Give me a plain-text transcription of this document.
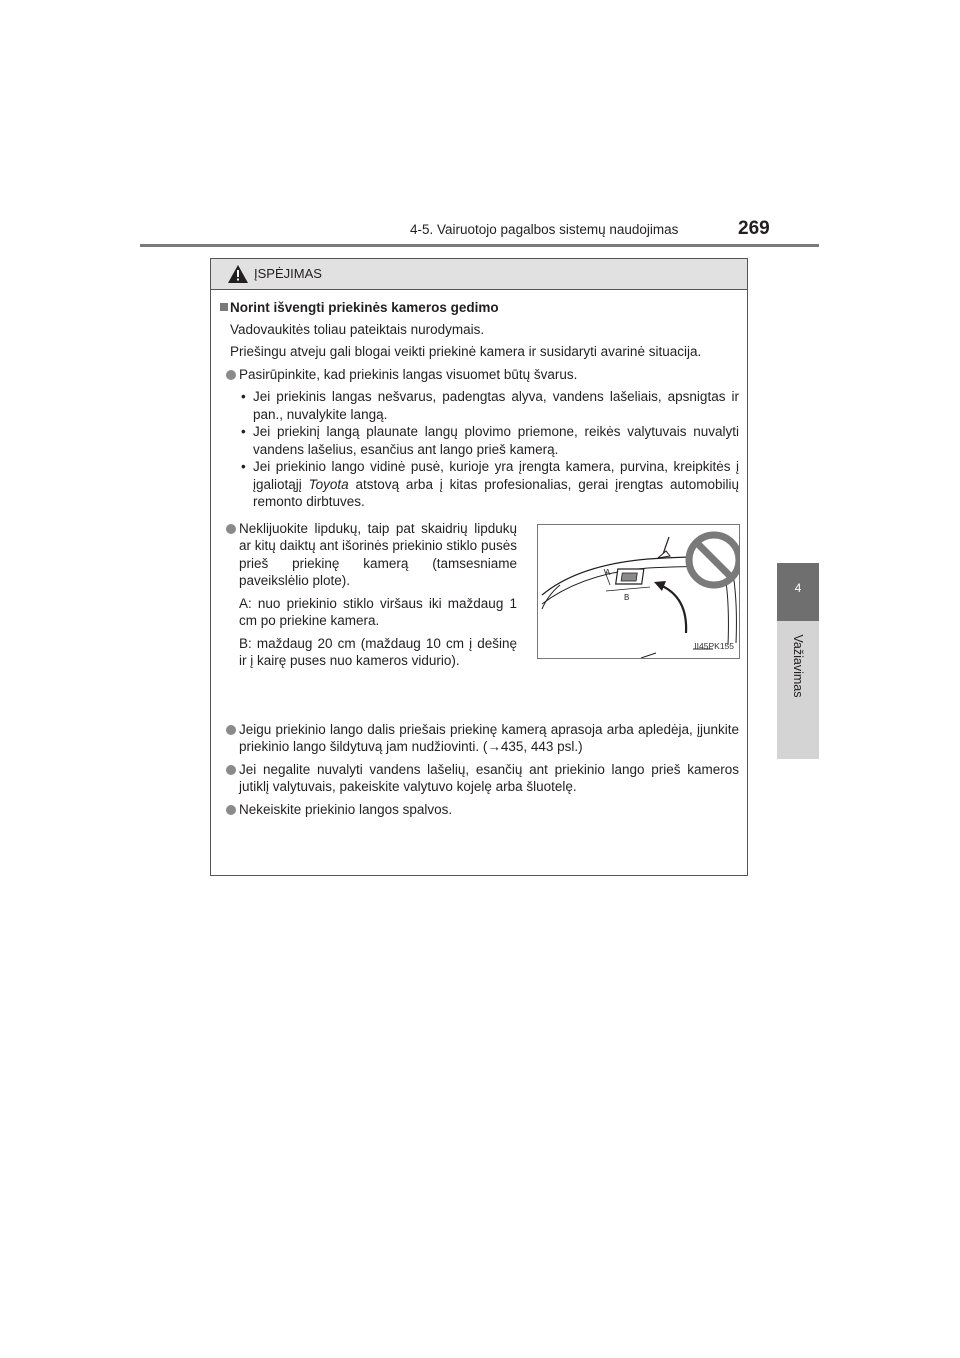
4-5. Vairuotojo pagalbos sistemų naudojimas	269
4
Važiavimas
ĮSPĖJIMAS
Norint išvengti priekinės kameros gedimo

Vadovaukitės toliau pateiktais nurodymais.

Priešingu atveju gali blogai veikti priekinė kamera ir susidaryti avarinė situacija.

Pasirūpinkite, kad priekinis langas visuomet būtų švarus.

• Jei priekinis langas nešvarus, padengtas alyva, vandens lašeliais, apsnigtas ir pan., nuvalykite langą.

• Jei priekinį langą plaunate langų plovimo priemone, reikės valytuvais nuvalyti vandens lašelius, esančius ant lango prieš kamerą.

• Jei priekinio lango vidinė pusė, kurioje yra įrengta kamera, purvina, kreipkitės į įgaliotąjį Toyota atstovą arba į kitas profesionalias, gerai įrengtas automobilių remonto dirbtuves.

Neklijuokite lipdukų, taip pat skaidrių lipdukų ar kitų daiktų ant išorinės priekinio stiklo pusės prieš priekinę kamerą (tamsesniame paveikslėlio plote).

A: nuo priekinio stiklo viršaus iki maždaug 1 cm po priekine kamera.

B: maždaug 20 cm (maždaug 10 cm į dešinę ir į kairę puses nuo kameros vidurio).

A
B
II45PK155
Jeigu priekinio lango dalis priešais priekinę kamerą aprasoja arba apledėja, įjunkite priekinio lango šildytuvą jam nudžiovinti. (→435, 443 psl.)
Jei negalite nuvalyti vandens lašelių, esančių ant priekinio lango prieš kameros jutiklį valytuvais, pakeiskite valytuvo kojelę arba šluotelę.
Nekeiskite priekinio langos spalvos.
